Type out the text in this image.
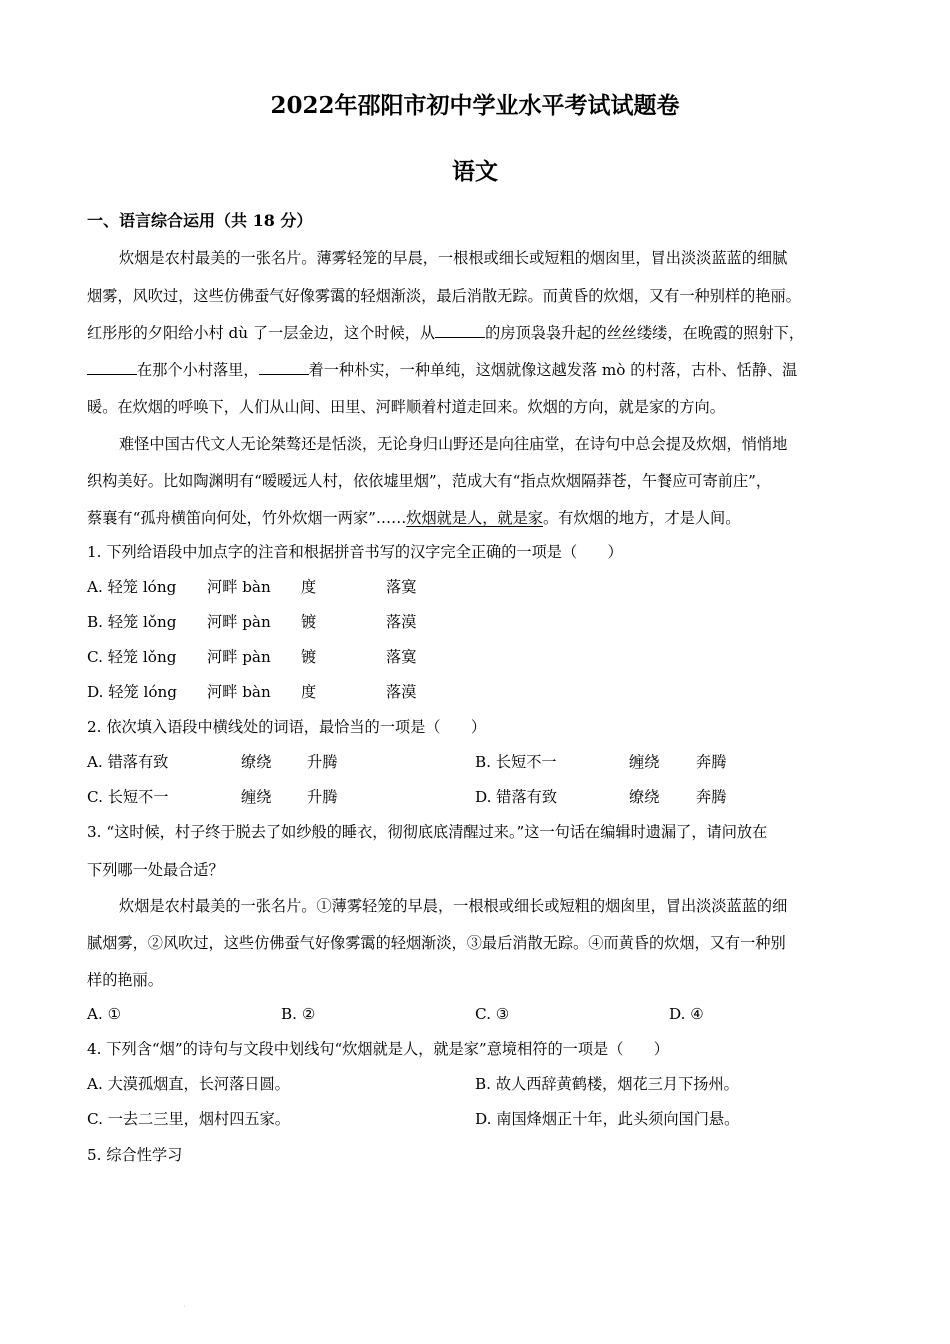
2022年邵阳市初中学业水平考试试题卷
语文
一、语言综合运用（共 18 分）
炊烟是农村最美的一张名片。薄雾轻笼的早晨，一根根或细长或短粗的烟囱里，冒出淡淡蓝蓝的细腻
烟雾，风吹过，这些仿佛蚕气好像雾霭的轻烟渐淡，最后消散无踪。而黄昏的炊烟，又有一种别样的艳丽。
红彤彤的夕阳给小村 dù 了一层金边，这个时候，从	的房顶袅袅升起的丝丝缕缕，在晚霞的照射下，
在那个小村落里，	着一种朴实，一种单纯，这烟就像这越发落 mò 的村落，古朴、恬静、温
暖。在炊烟的呼唤下，人们从山间、田里、河畔顺着村道走回来。炊烟的方向，就是家的方向。
难怪中国古代文人无论桀骜还是恬淡，无论身归山野还是向往庙堂，在诗句中总会提及炊烟，悄悄地
织构美好。比如陶渊明有“暧暧远人村，依依墟里烟”，范成大有“指点炊烟隔莽苍，午餐应可寄前庄”，
蔡襄有“孤舟横笛向何处，竹外炊烟一两家”……炊烟就是人，就是家。有炊烟的地方，才是人间。
1. 下列给语段中加点字的注音和根据拼音书写的汉字完全正确的一项是（　　）
A. 轻笼 lóng 河畔 bàn 度	落寞
B. 轻笼 lǒng 河畔 pàn 镀	落漠
C. 轻笼 lǒng 河畔 pàn 镀	落寞
D. 轻笼 lóng 河畔 bàn 度	落漠
2. 依次填入语段中横线处的词语，最恰当的一项是（　　）
A. 错落有致	缭绕 升腾	B. 长短不一	缠绕 奔腾
C. 长短不一	缠绕 升腾	D. 错落有致	缭绕 奔腾
3. “这时候，村子终于脱去了如纱般的睡衣，彻彻底底清醒过来。”这一句话在编辑时遗漏了，请问放在
下列哪一处最合适？
炊烟是农村最美的一张名片。①薄雾轻笼的早晨，一根根或细长或短粗的烟囱里，冒出淡淡蓝蓝的细
腻烟雾，②风吹过，这些仿佛蚕气好像雾霭的轻烟渐淡，③最后消散无踪。④而黄昏的炊烟，又有一种别
样的艳丽。
A. ①	B. ②	C. ③	D. ④
4. 下列含“烟”的诗句与文段中划线句“炊烟就是人，就是家”意境相符的一项是（　　）
A. 大漠孤烟直，长河落日圆。	B. 故人西辞黄鹤楼，烟花三月下扬州。
C. 一去二三里，烟村四五家。	D. 南国烽烟正十年，此头须向国门悬。
5. 综合性学习
·
